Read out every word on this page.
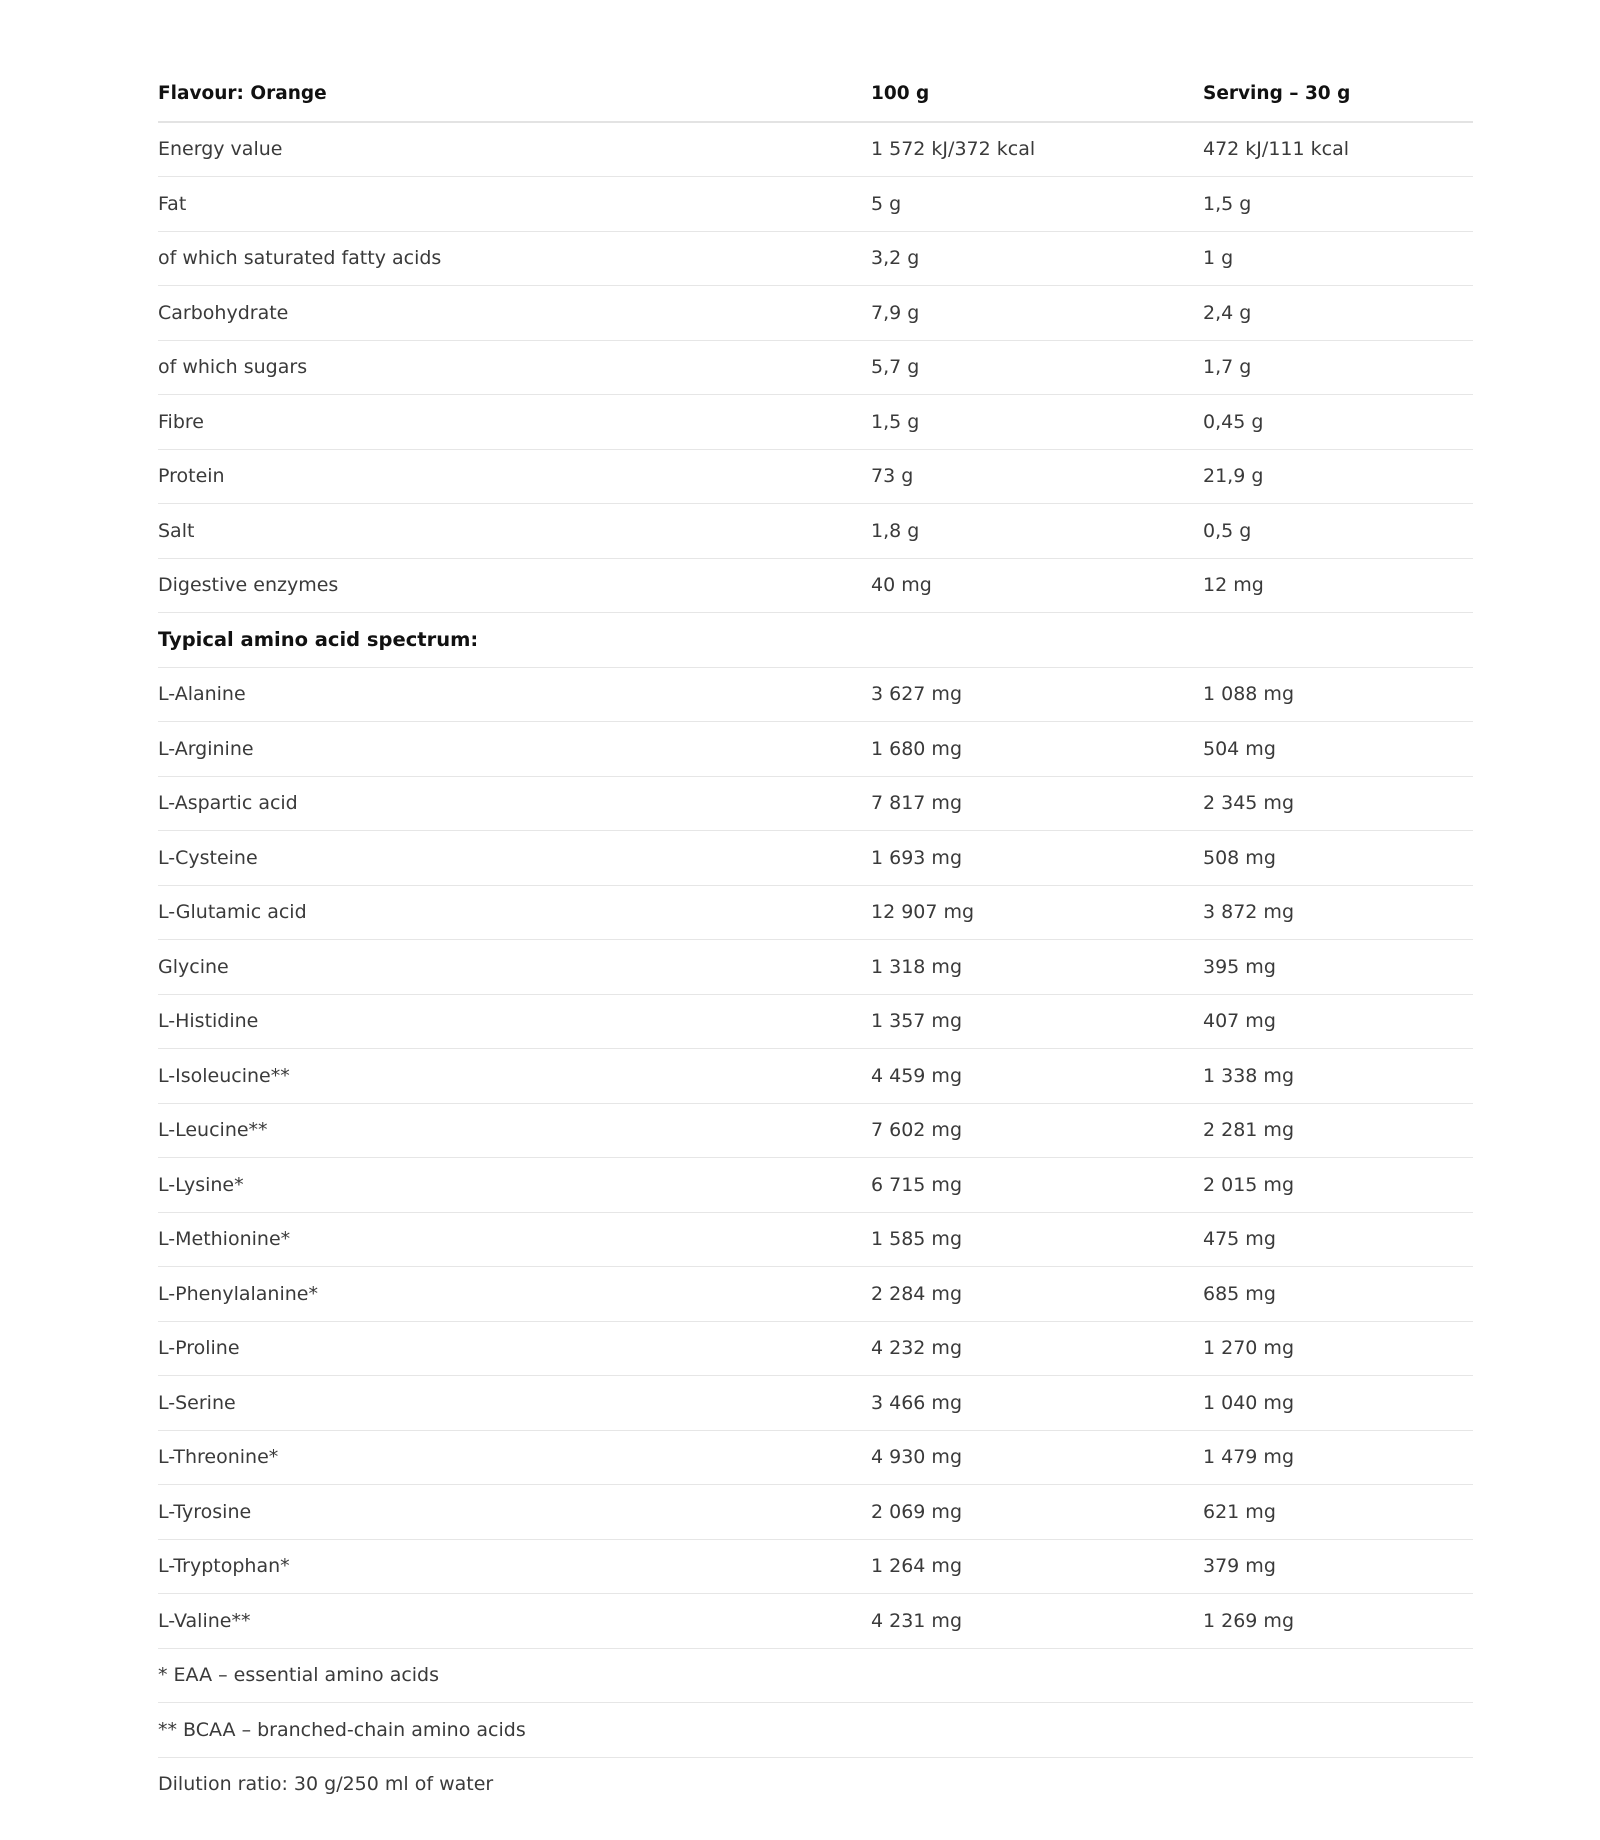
Flavour: Orange	100 g	Serving – 30 g
Energy value	1 572 kJ/372 kcal	472 kJ/111 kcal
Fat	5 g	1,5 g
of which saturated fatty acids	3,2 g	1 g
Carbohydrate	7,9 g	2,4 g
of which sugars	5,7 g	1,7 g
Fibre	1,5 g	0,45 g
Protein	73 g	21,9 g
Salt	1,8 g	0,5 g
Digestive enzymes	40 mg	12 mg
Typical amino acid spectrum:		
L-Alanine	3 627 mg	1 088 mg
L-Arginine	1 680 mg	504 mg
L-Aspartic acid	7 817 mg	2 345 mg
L-Cysteine	1 693 mg	508 mg
L-Glutamic acid	12 907 mg	3 872 mg
Glycine	1 318 mg	395 mg
L-Histidine	1 357 mg	407 mg
L-Isoleucine**	4 459 mg	1 338 mg
L-Leucine**	7 602 mg	2 281 mg
L-Lysine*	6 715 mg	2 015 mg
L-Methionine*	1 585 mg	475 mg
L-Phenylalanine*	2 284 mg	685 mg
L-Proline	4 232 mg	1 270 mg
L-Serine	3 466 mg	1 040 mg
L-Threonine*	4 930 mg	1 479 mg
L-Tyrosine	2 069 mg	621 mg
L-Tryptophan*	1 264 mg	379 mg
L-Valine**	4 231 mg	1 269 mg
* EAA – essential amino acids		
** BCAA – branched-chain amino acids		
Dilution ratio: 30 g/250 ml of water		
